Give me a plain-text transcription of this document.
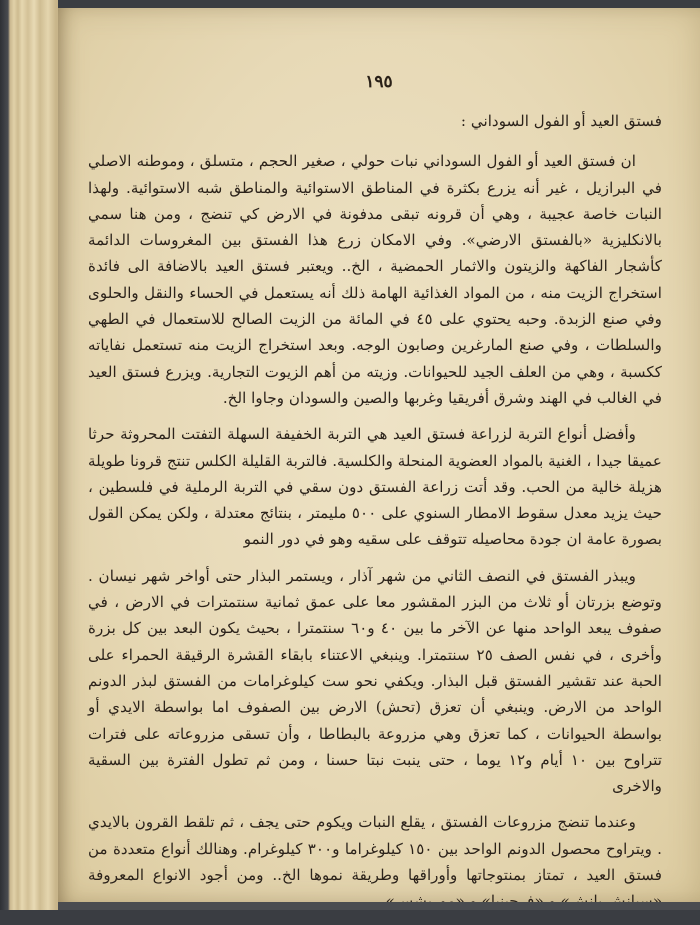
١٩٥

فستق العيد أو الفول السوداني :

ان فستق العيد أو الفول السوداني نبات حولي ، صغير الحجم ، متسلق ، وموطنه الاصلي في البرازيل ، غير أنه يزرع بكثرة في المناطق الاستوائية والمناطق شبه الاستوائية. ولهذا النبات خاصة عجيبة ، وهي أن قرونه تبقى مدفونة في الارض كي تنضج ، ومن هنا سمي بالانكليزية «بالفستق الارضي». وفي الامكان زرع هذا الفستق بين المغروسات الدائمة كأشجار الفاكهة والزيتون والاثمار الحمضية ، الخ.. ويعتبر فستق العيد بالاضافة الى فائدة استخراج الزيت منه ، من المواد الغذائية الهامة ذلك أنه يستعمل في الحساء والنقل والحلوى وفي صنع الزبدة. وحبه يحتوي على ٤٥ في المائة من الزيت الصالح للاستعمال في الطهي والسلطات ، وفي صنع المارغرين وصابون الوجه. وبعد استخراج الزيت منه تستعمل نفاياته ككسبة ، وهي من العلف الجيد للحيوانات. وزيته من أهم الزيوت التجارية. ويزرع فستق العيد في الغالب في الهند وشرق أفريقيا وغربها والصين والسودان وجاوا الخ.

وأفضل أنواع التربة لزراعة فستق العيد هي التربة الخفيفة السهلة التفتت المحروثة حرثا عميقا جيدا ، الغنية بالمواد العضوية المنحلة والكلسية. فالتربة القليلة الكلس تنتج قرونا طويلة هزيلة خالية من الحب. وقد أتت زراعة الفستق دون سقي في التربة الرملية في فلسطين ، حيث يزيد معدل سقوط الامطار السنوي على ٥٠٠ مليمتر ، بنتائج معتدلة ، ولكن يمكن القول بصورة عامة ان جودة محاصيله تتوقف على سقيه وهو في دور النمو

ويبذر الفستق في النصف الثاني من شهر آذار ، ويستمر البذار حتى أواخر شهر نيسان . وتوضع بزرتان أو ثلاث من البزر المقشور معا على عمق ثمانية سنتمترات في الارض ، في صفوف يبعد الواحد منها عن الآخر ما بين ٤٠ و٦٠ سنتمترا ، بحيث يكون البعد بين كل بزرة وأخرى ، في نفس الصف ٢٥ سنتمترا. وينبغي الاعتناء بابقاء القشرة الرقيقة الحمراء على الحبة عند تقشير الفستق قبل البذار. ويكفي نحو ست كيلوغرامات من الفستق لبذر الدونم الواحد من الارض. وينبغي أن تعزق (تحش) الارض بين الصفوف اما بواسطة الايدي أو بواسطة الحيوانات ، كما تعزق وهي مزروعة بالبطاطا ، وأن تسقى مزروعاته على فترات تتراوح بين ١٠ أيام و١٢ يوما ، حتى ينبت نبتا حسنا ، ومن ثم تطول الفترة بين السقية والاخرى

وعندما تنضج مزروعات الفستق ، يقلع النبات ويكوم حتى يجف ، ثم تلقط القرون بالايدي . ويتراوح محصول الدونم الواحد بين ١٥٠ كيلوغراما و٣٠٠ كيلوغرام. وهنالك أنواع متعددة من فستق العيد ، تمتاز بمنتوجاتها وأوراقها وطريقة نموها الخ.. ومن أجود الانواع المعروفة
